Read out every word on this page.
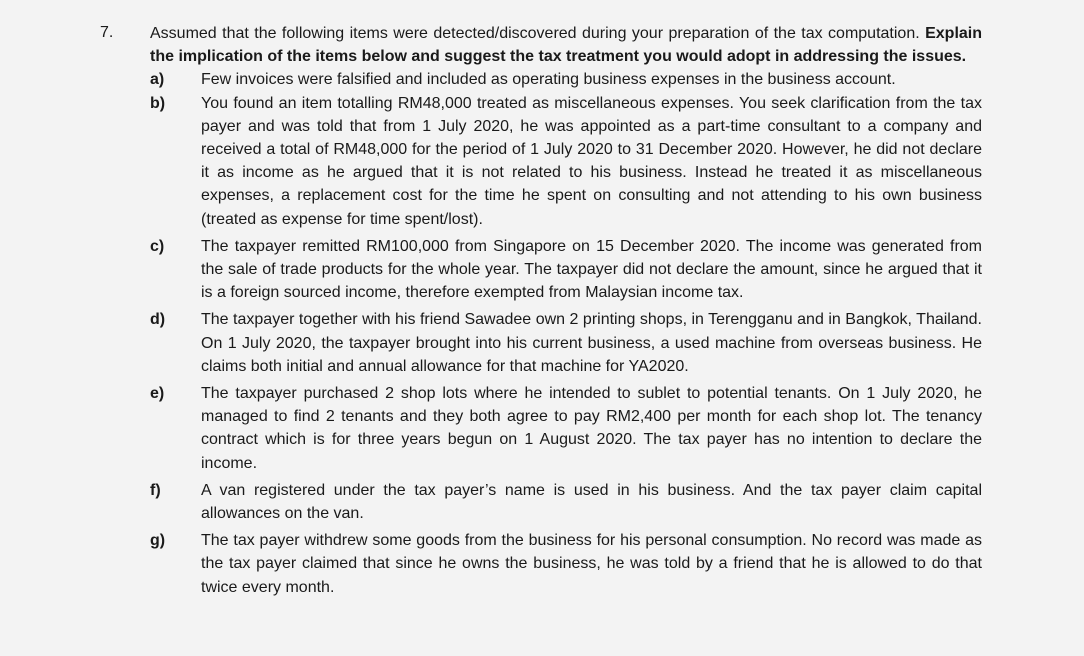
7. Assumed that the following items were detected/discovered during your preparation of the tax computation. Explain the implication of the items below and suggest the tax treatment you would adopt in addressing the issues.

a)	Few invoices were falsified and included as operating business expenses in the business account.

b)	You found an item totalling RM48,000 treated as miscellaneous expenses. You seek clarification from the tax payer and was told that from 1 July 2020, he was appointed as a part-time consultant to a company and received a total of RM48,000 for the period of 1 July 2020 to 31 December 2020. However, he did not declare it as income as he argued that it is not related to his business. Instead he treated it as miscellaneous expenses, a replacement cost for the time he spent on consulting and not attending to his own business (treated as expense for time spent/lost).

c)	The taxpayer remitted RM100,000 from Singapore on 15 December 2020. The income was generated from the sale of trade products for the whole year. The taxpayer did not declare the amount, since he argued that it is a foreign sourced income, therefore exempted from Malaysian income tax.

d)	The taxpayer together with his friend Sawadee own 2 printing shops, in Terengganu and in Bangkok, Thailand. On 1 July 2020, the taxpayer brought into his current business, a used machine from overseas business. He claims both initial and annual allowance for that machine for YA2020.

e)	The taxpayer purchased 2 shop lots where he intended to sublet to potential tenants. On 1 July 2020, he managed to find 2 tenants and they both agree to pay RM2,400 per month for each shop lot. The tenancy contract which is for three years begun on 1 August 2020. The tax payer has no intention to declare the income.

f)	A van registered under the tax payer’s name is used in his business. And the tax payer claim capital allowances on the van.

g)	The tax payer withdrew some goods from the business for his personal consumption. No record was made as the tax payer claimed that since he owns the business, he was told by a friend that he is allowed to do that twice every month.
